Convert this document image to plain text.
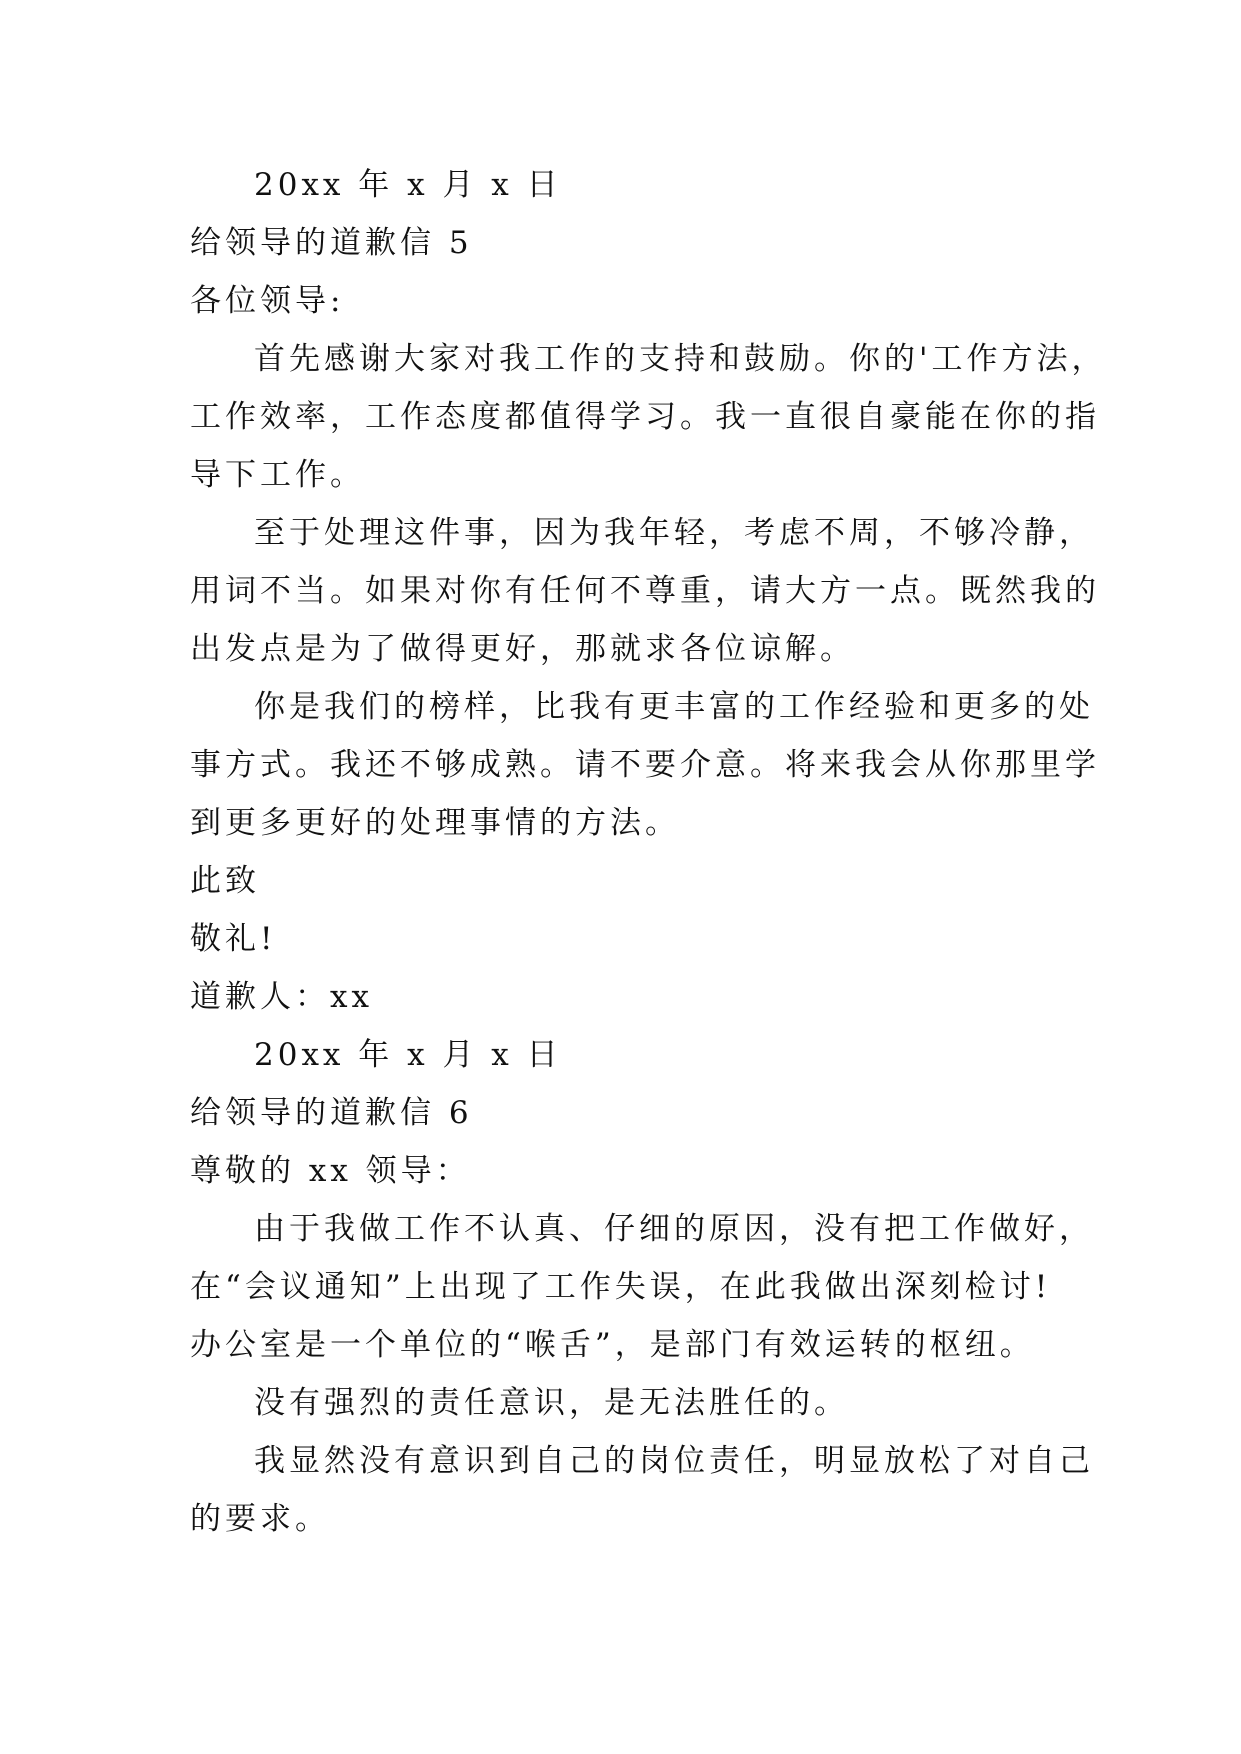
20xx 年 x 月 x 日
给领导的道歉信 5
各位领导:
首先感谢大家对我工作的支持和鼓励。你的'工作方法，
工作效率，工作态度都值得学习。我一直很自豪能在你的指
导下工作。
至于处理这件事，因为我年轻，考虑不周，不够冷静，
用词不当。如果对你有任何不尊重，请大方一点。既然我的
出发点是为了做得更好，那就求各位谅解。
你是我们的榜样，比我有更丰富的工作经验和更多的处
事方式。我还不够成熟。请不要介意。将来我会从你那里学
到更多更好的处理事情的方法。
此致
敬礼!
道歉人：xx
20xx 年 x 月 x 日
给领导的道歉信 6
尊敬的 xx 领导：
由于我做工作不认真、仔细的原因，没有把工作做好，
在“会议通知”上出现了工作失误，在此我做出深刻检讨!
办公室是一个单位的“喉舌”，是部门有效运转的枢纽。
没有强烈的责任意识，是无法胜任的。
我显然没有意识到自己的岗位责任，明显放松了对自己
的要求。
